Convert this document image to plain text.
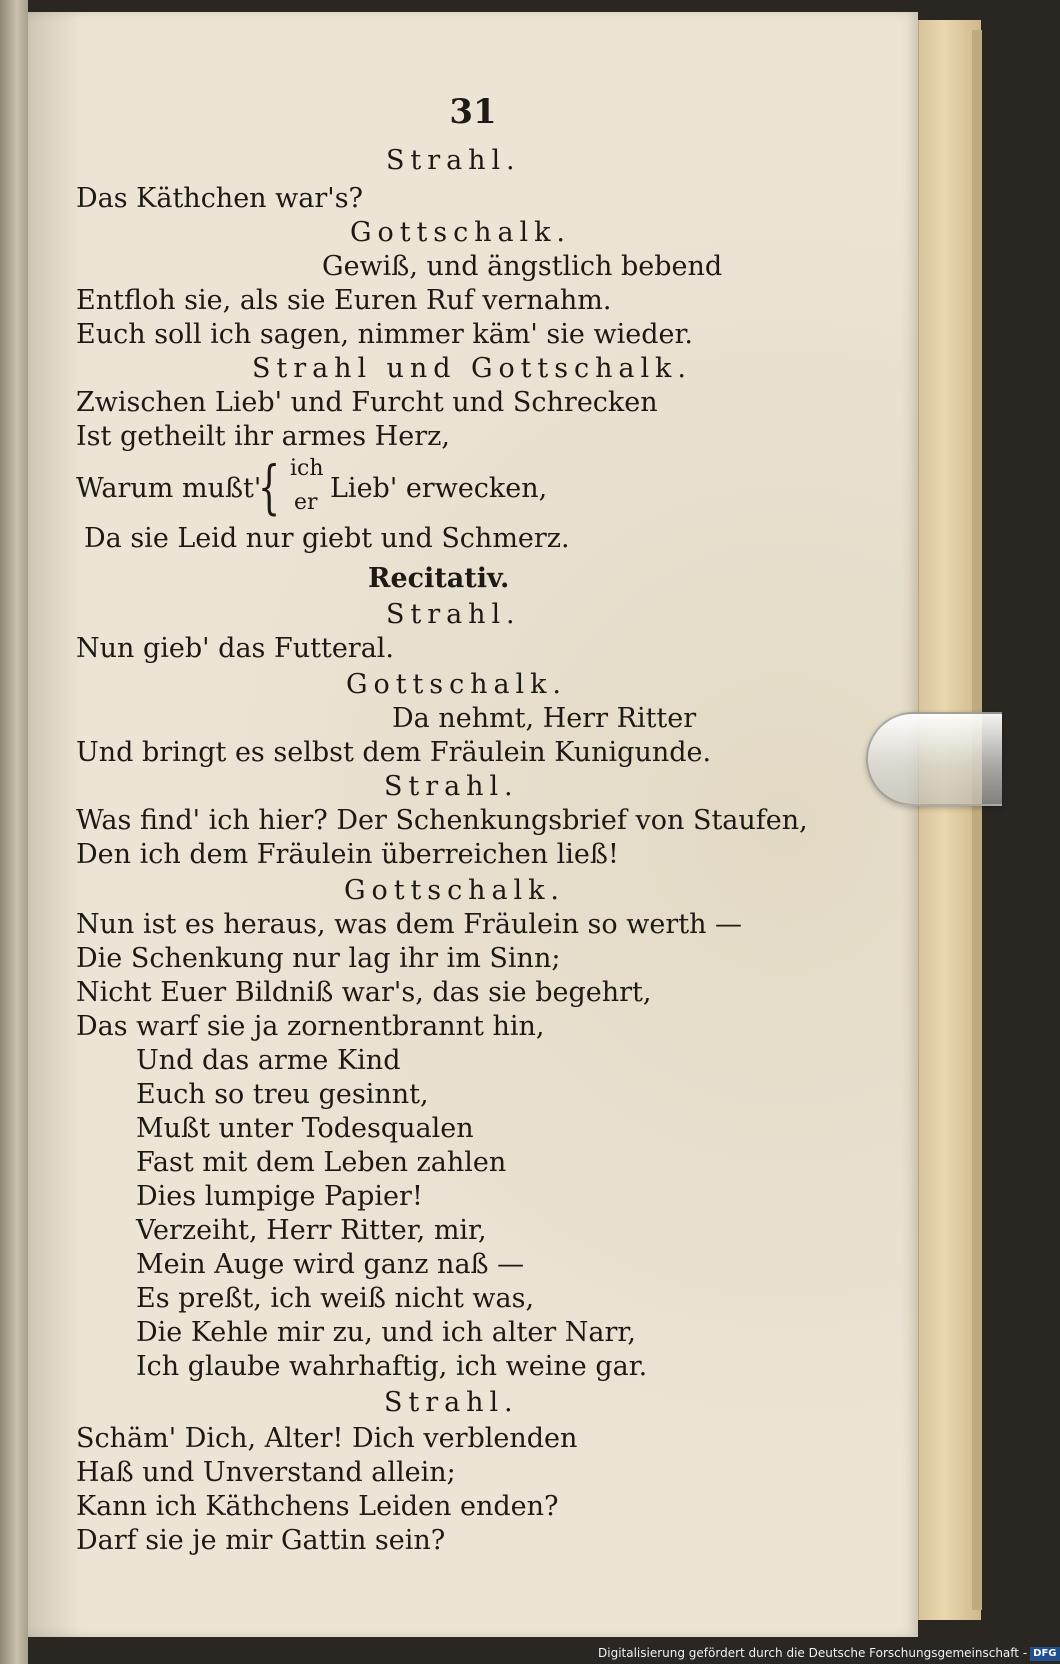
31
Strahl.
Das Käthchen war's?
Gottschalk.
Gewiß, und ängstlich bebend
Entfloh sie, als sie Euren Ruf vernahm.
Euch soll ich sagen, nimmer käm' sie wieder.
Strahl und Gottschalk.
Zwischen Lieb' und Furcht und Schrecken
Ist getheilt ihr armes Herz,
Warum mußt'
{ ich
er Lieb' erwecken,
Da sie Leid nur giebt und Schmerz.
Recitativ.
Strahl.
Nun gieb' das Futteral.
Gottschalk.
Da nehmt, Herr Ritter
Und bringt es selbst dem Fräulein Kunigunde.
Strahl.
Was find' ich hier? Der Schenkungsbrief von Staufen,
Den ich dem Fräulein überreichen ließ!
Gottschalk.
Nun ist es heraus, was dem Fräulein so werth —
Die Schenkung nur lag ihr im Sinn;
Nicht Euer Bildniß war's, das sie begehrt,
Das warf sie ja zornentbrannt hin,
Und das arme Kind
Euch so treu gesinnt,
Mußt unter Todesqualen
Fast mit dem Leben zahlen
Dies lumpige Papier!
Verzeiht, Herr Ritter, mir,
Mein Auge wird ganz naß —
Es preßt, ich weiß nicht was,
Die Kehle mir zu, und ich alter Narr,
Ich glaube wahrhaftig, ich weine gar.
Strahl.
Schäm' Dich, Alter! Dich verblenden
Haß und Unverstand allein;
Kann ich Käthchens Leiden enden?
Darf sie je mir Gattin sein?
Digitalisierung gefördert durch die Deutsche Forschungsgemeinschaft - DFG
